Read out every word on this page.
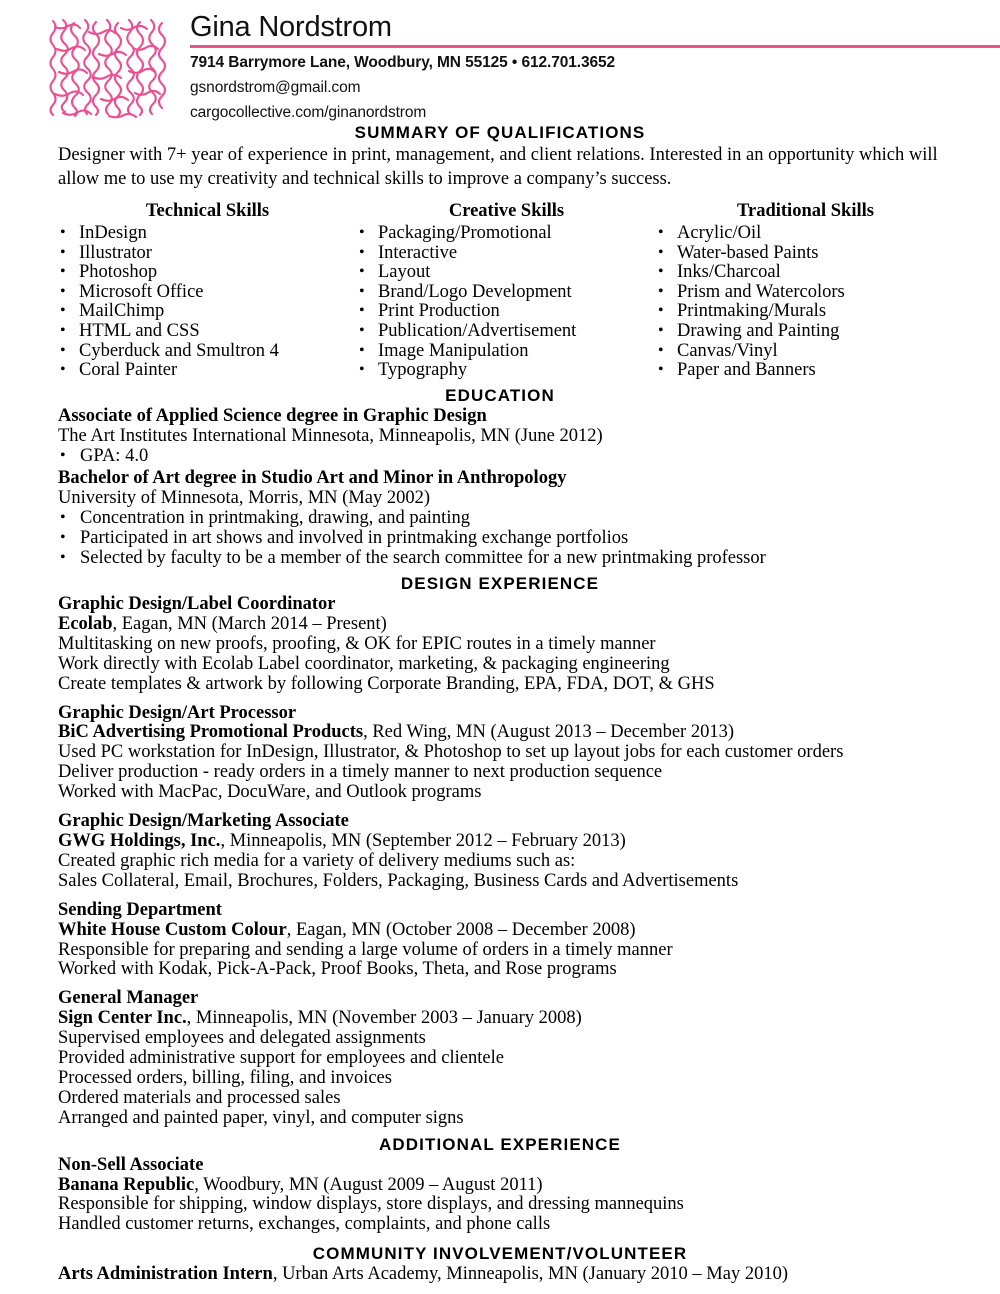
Gina Nordstrom
7914 Barrymore Lane, Woodbury, MN 55125 • 612.701.3652
gsnordstrom@gmail.com
cargocollective.com/ginanordstrom
SUMMARY OF QUALIFICATIONS

Designer with 7+ year of experience in print, management, and client relations. Interested in an opportunity which will allow me to use my creativity and technical skills to improve a company’s success.

Technical Skills
• InDesign
• Illustrator
• Photoshop
• Microsoft Office
• MailChimp
• HTML and CSS
• Cyberduck and Smultron 4
• Coral Painter
Creative Skills
• Packaging/Promotional
• Interactive
• Layout
• Brand/Logo Development
• Print Production
• Publication/Advertisement
• Image Manipulation
• Typography
Traditional Skills
• Acrylic/Oil
• Water-based Paints
• Inks/Charcoal
• Prism and Watercolors
• Printmaking/Murals
• Drawing and Painting
• Canvas/Vinyl
• Paper and Banners
EDUCATION
Associate of Applied Science degree in Graphic Design
The Art Institutes International Minnesota, Minneapolis, MN (June 2012)
• GPA: 4.0
Bachelor of Art degree in Studio Art and Minor in Anthropology
University of Minnesota, Morris, MN (May 2002)
• Concentration in printmaking, drawing, and painting
• Participated in art shows and involved in printmaking exchange portfolios
• Selected by faculty to be a member of the search committee for a new printmaking professor
DESIGN EXPERIENCE
Graphic Design/Label Coordinator
Ecolab, Eagan, MN (March 2014 – Present)
Multitasking on new proofs, proofing, & OK for EPIC routes in a timely manner
Work directly with Ecolab Label coordinator, marketing, & packaging engineering
Create templates & artwork by following Corporate Branding, EPA, FDA, DOT, & GHS
Graphic Design/Art Processor
BiC Advertising Promotional Products, Red Wing, MN (August 2013 – December 2013)
Used PC workstation for InDesign, Illustrator, & Photoshop to set up layout jobs for each customer orders
Deliver production - ready orders in a timely manner to next production sequence
Worked with MacPac, DocuWare, and Outlook programs
Graphic Design/Marketing Associate
GWG Holdings, Inc., Minneapolis, MN (September 2012 – February 2013)
Created graphic rich media for a variety of delivery mediums such as:
Sales Collateral, Email, Brochures, Folders, Packaging, Business Cards and Advertisements
Sending Department
White House Custom Colour, Eagan, MN (October 2008 – December 2008)
Responsible for preparing and sending a large volume of orders in a timely manner
Worked with Kodak, Pick-A-Pack, Proof Books, Theta, and Rose programs
General Manager
Sign Center Inc., Minneapolis, MN (November 2003 – January 2008)
Supervised employees and delegated assignments
Provided administrative support for employees and clientele
Processed orders, billing, filing, and invoices
Ordered materials and processed sales
Arranged and painted paper, vinyl, and computer signs
ADDITIONAL EXPERIENCE
Non-Sell Associate
Banana Republic, Woodbury, MN (August 2009 – August 2011)
Responsible for shipping, window displays, store displays, and dressing mannequins
Handled customer returns, exchanges, complaints, and phone calls
COMMUNITY INVOLVEMENT/VOLUNTEER
Arts Administration Intern, Urban Arts Academy, Minneapolis, MN (January 2010 – May 2010)
